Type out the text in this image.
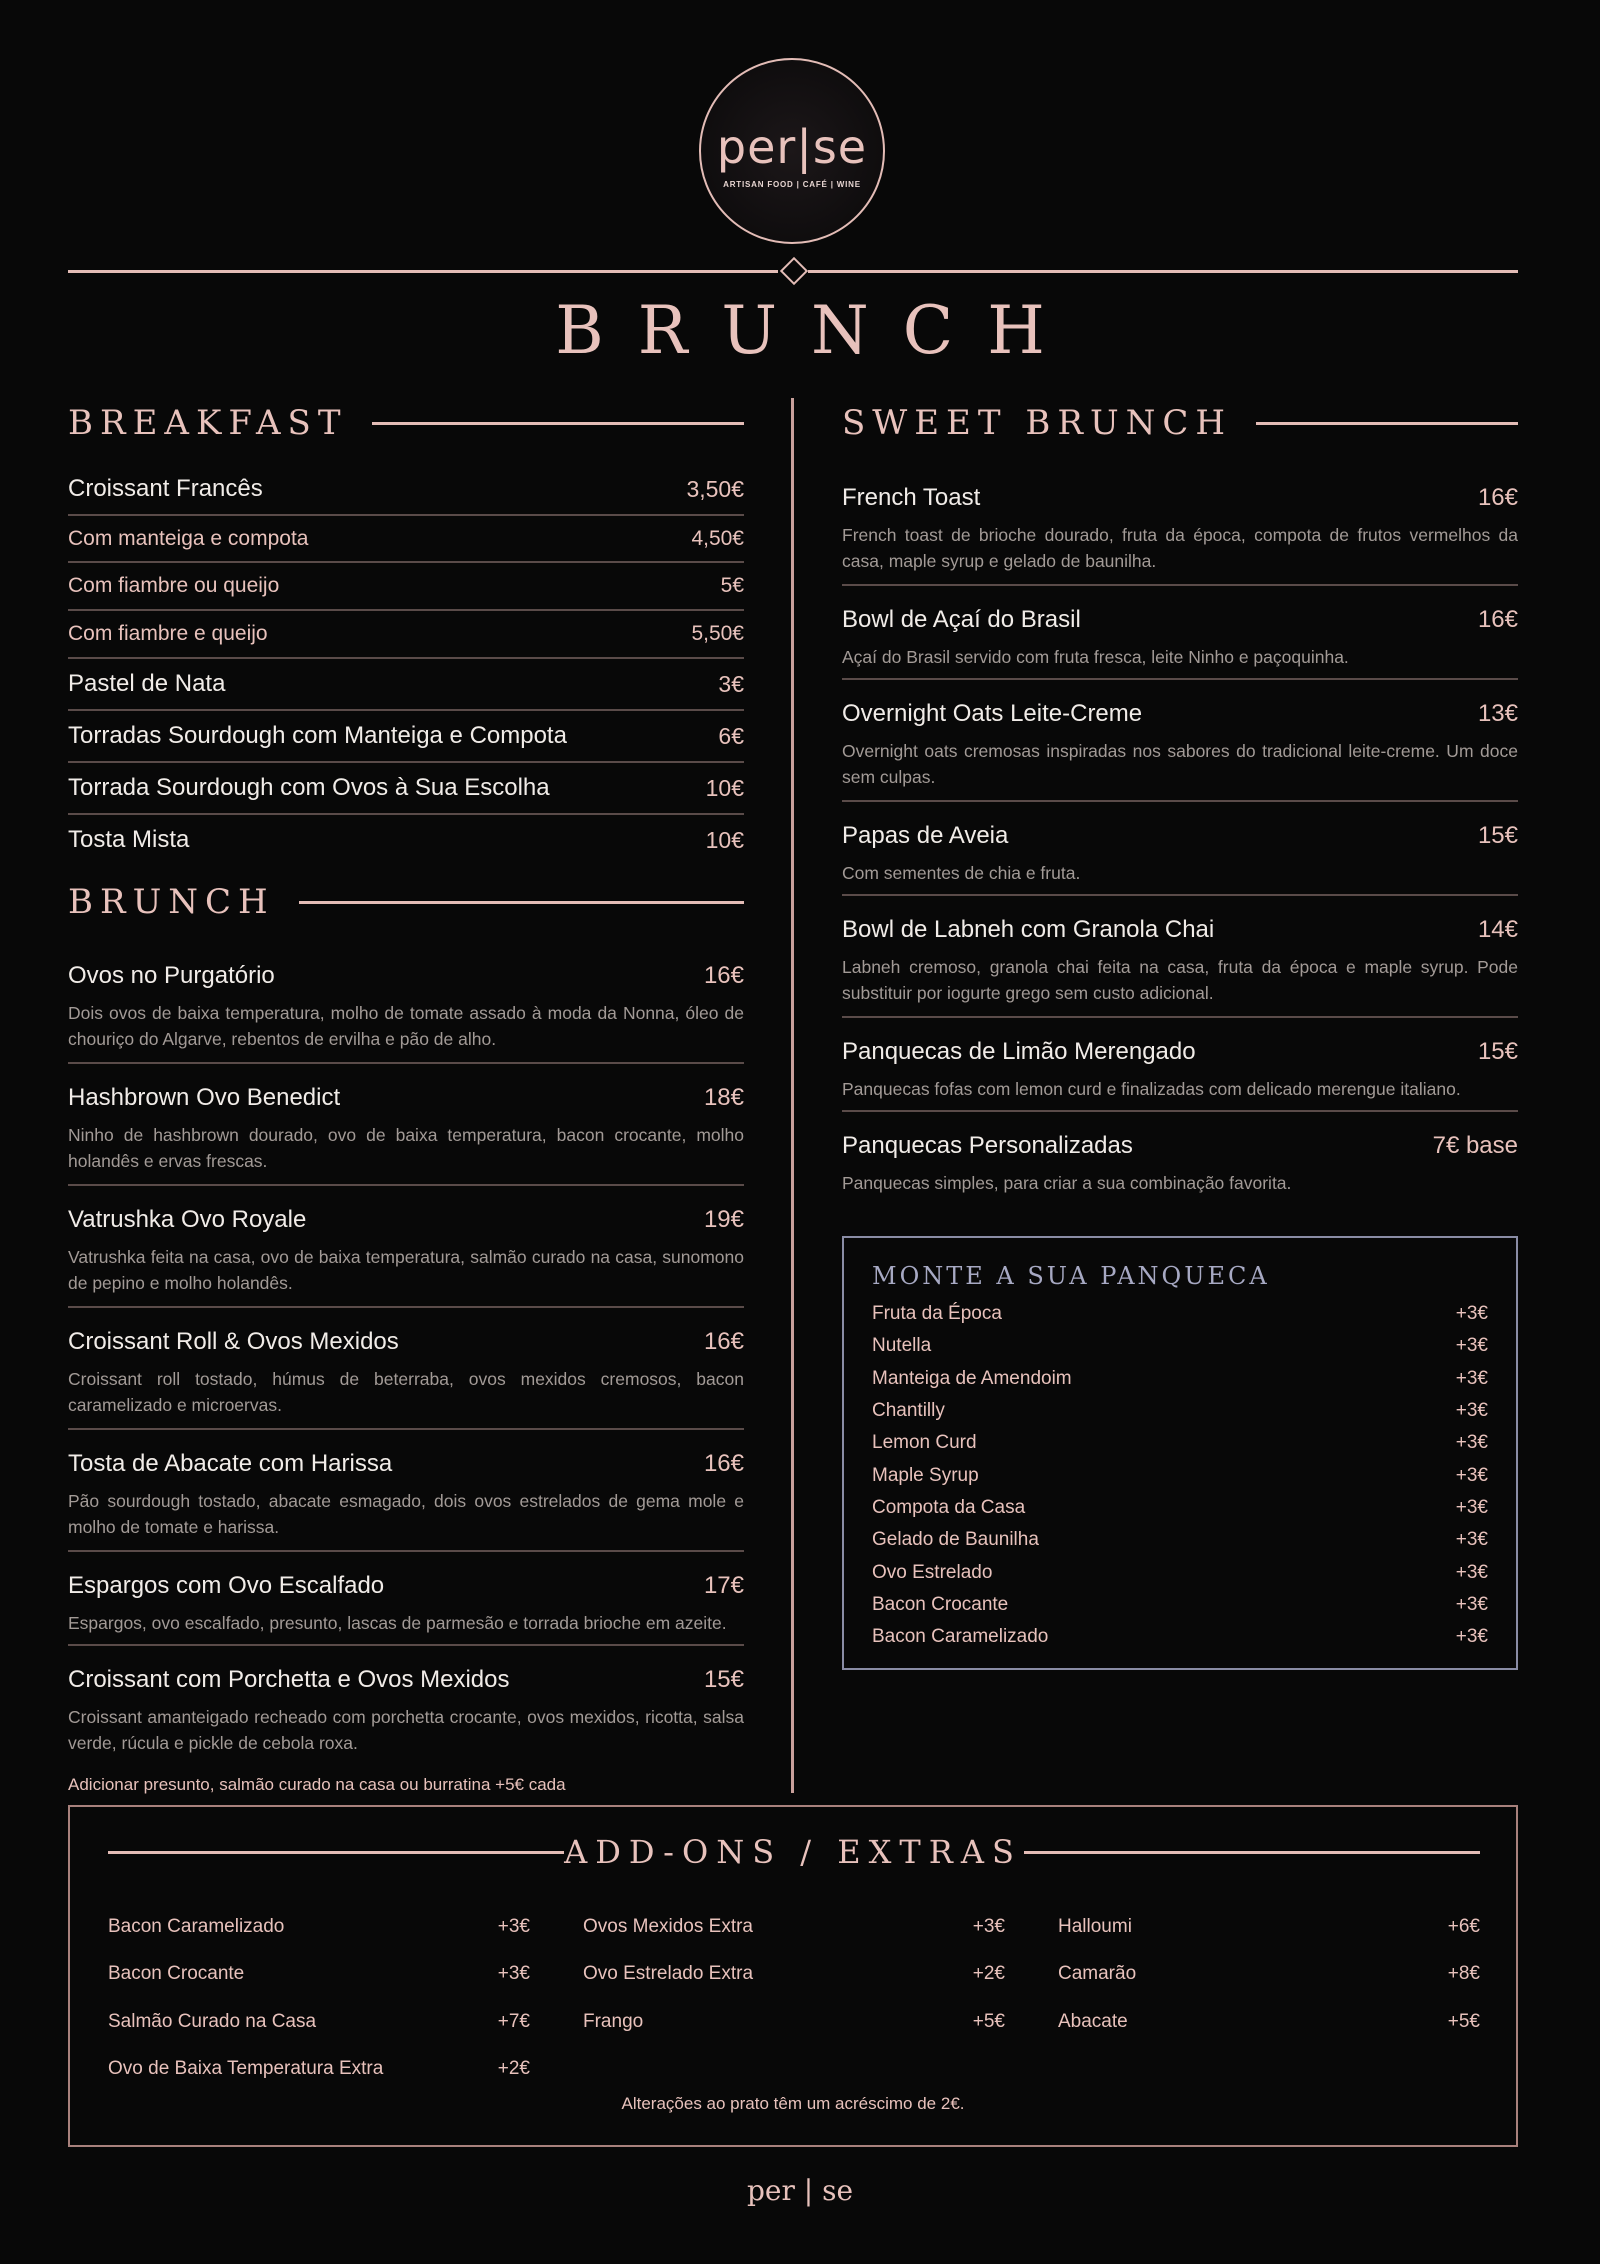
per|se
ARTISAN FOOD | CAFÉ | WINE
BRUNCH
BREAKFAST
Croissant Francês	3,50€
Com manteiga e compota	4,50€
Com fiambre ou queijo	5€
Com fiambre e queijo	5,50€
Pastel de Nata	3€
Torradas Sourdough com Manteiga e Compota	6€
Torrada Sourdough com Ovos à Sua Escolha	10€
Tosta Mista	10€
BRUNCH
Ovos no Purgatório	16€
Dois ovos de baixa temperatura, molho de tomate assado à moda da Nonna, óleo de chouriço do Algarve, rebentos de ervilha e pão de alho.
Hashbrown Ovo Benedict	18€
Ninho de hashbrown dourado, ovo de baixa temperatura, bacon crocante, molho holandês e ervas frescas.
Vatrushka Ovo Royale	19€
Vatrushka feita na casa, ovo de baixa temperatura, salmão curado na casa, sunomono de pepino e molho holandês.
Croissant Roll & Ovos Mexidos	16€
Croissant roll tostado, húmus de beterraba, ovos mexidos cremosos, bacon caramelizado e microervas.
Tosta de Abacate com Harissa	16€
Pão sourdough tostado, abacate esmagado, dois ovos estrelados de gema mole e molho de tomate e harissa.
Espargos com Ovo Escalfado	17€
Espargos, ovo escalfado, presunto, lascas de parmesão e torrada brioche em azeite.
Croissant com Porchetta e Ovos Mexidos	15€
Croissant amanteigado recheado com porchetta crocante, ovos mexidos, ricotta, salsa verde, rúcula e pickle de cebola roxa.
Adicionar presunto, salmão curado na casa ou burratina +5€ cada
SWEET BRUNCH
French Toast	16€
French toast de brioche dourado, fruta da época, compota de frutos vermelhos da casa, maple syrup e gelado de baunilha.
Bowl de Açaí do Brasil	16€
Açaí do Brasil servido com fruta fresca, leite Ninho e paçoquinha.
Overnight Oats Leite-Creme	13€
Overnight oats cremosas inspiradas nos sabores do tradicional leite-creme. Um doce sem culpas.
Papas de Aveia	15€
Com sementes de chia e fruta.
Bowl de Labneh com Granola Chai	14€
Labneh cremoso, granola chai feita na casa, fruta da época e maple syrup. Pode substituir por iogurte grego sem custo adicional.
Panquecas de Limão Merengado	15€
Panquecas fofas com lemon curd e finalizadas com delicado merengue italiano.
Panquecas Personalizadas	7€ base
Panquecas simples, para criar a sua combinação favorita.
MONTE A SUA PANQUECA
Fruta da Época	+3€
Nutella	+3€
Manteiga de Amendoim	+3€
Chantilly	+3€
Lemon Curd	+3€
Maple Syrup	+3€
Compota da Casa	+3€
Gelado de Baunilha	+3€
Ovo Estrelado	+3€
Bacon Crocante	+3€
Bacon Caramelizado	+3€
ADD-ONS / EXTRAS
Bacon Caramelizado	+3€
Bacon Crocante	+3€
Salmão Curado na Casa	+7€
Ovo de Baixa Temperatura Extra	+2€
Ovos Mexidos Extra	+3€
Ovo Estrelado Extra	+2€
Frango	+5€
Halloumi	+6€
Camarão	+8€
Abacate	+5€
Alterações ao prato têm um acréscimo de 2€.
per | se
